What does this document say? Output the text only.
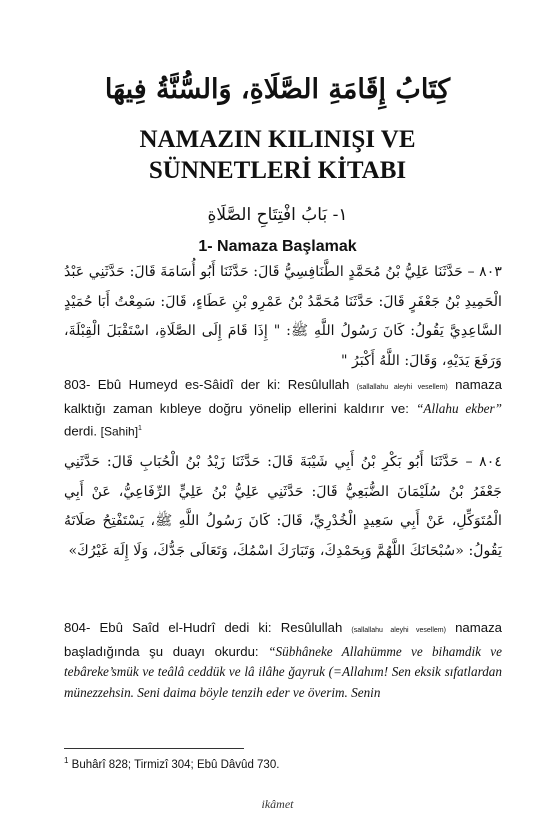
كِتَابُ إِقَامَةِ الصَّلَاةِ، وَالسُّنَّةُ فِيهَا
NAMAZIN KILINIŞI VE
SÜNNETLERİ KİTABI
١- بَابُ افْتِتَاحِ الصَّلَاةِ
1- Namaza Başlamak
٨٠٣ – حَدَّثَنَا عَلِيُّ بْنُ مُحَمَّدٍ الطَّنَافِسِيُّ قَالَ: حَدَّثَنَا أَبُو أُسَامَةَ قَالَ: حَدَّثَنِي عَبْدُ الْحَمِيدِ بْنُ جَعْفَرٍ قَالَ: حَدَّثَنَا مُحَمَّدُ بْنُ عَمْرِو بْنِ عَطَاءٍ، قَالَ: سَمِعْتُ أَبَا حُمَيْدٍ السَّاعِدِيَّ يَقُولُ: كَانَ رَسُولُ اللَّهِ ﷺ: " إِذَا قَامَ إِلَى الصَّلَاةِ، اسْتَقْبَلَ الْقِبْلَةَ، وَرَفَعَ يَدَيْهِ، وَقَالَ: اللَّهُ أَكْبَرُ "
803- Ebû Humeyd es-Sâidî der ki: Resûlullah (sallallahu aleyhi vesellem) namaza kalktığı zaman kıbleye doğru yönelip ellerini kaldırır ve: “Allahu ekber” derdi. [Sahih]$^1$
٨٠٤ – حَدَّثَنَا أَبُو بَكْرِ بْنُ أَبِي شَيْبَةَ قَالَ: حَدَّثَنَا زَيْدُ بْنُ الْحُبَابِ قَالَ: حَدَّثَنِي جَعْفَرُ بْنُ سُلَيْمَانَ الضُّبَعِيُّ قَالَ: حَدَّثَنِي عَلِيُّ بْنُ عَلِيٍّ الرِّفَاعِيُّ، عَنْ أَبِي الْمُتَوَكِّلِ، عَنْ أَبِي سَعِيدٍ الْخُدْرِيِّ، قَالَ: كَانَ رَسُولُ اللَّهِ ﷺ، يَسْتَفْتِحُ صَلَاتَهُ يَقُولُ: «سُبْحَانَكَ اللَّهُمَّ وَبِحَمْدِكَ، وَتَبَارَكَ اسْمُكَ، وَتَعَالَى جَدُّكَ، وَلَا إِلَهَ غَيْرُكَ»
804- Ebû Saîd el-Hudrî dedi ki: Resûlullah (sallallahu aleyhi vesellem) namaza başladığında şu duayı okurdu: “Sübhâneke Allahümme ve bihamdik ve tebâreke’smük ve teâlâ ceddük ve lâ ilâhe ğayruk (=Allahım! Sen eksik sıfatlardan münezzehsin. Seni daima böyle tenzih eder ve överim. Senin
$^1$ Buhârî 828; Tirmizî 304; Ebû Dâvûd 730.
ikâmet
